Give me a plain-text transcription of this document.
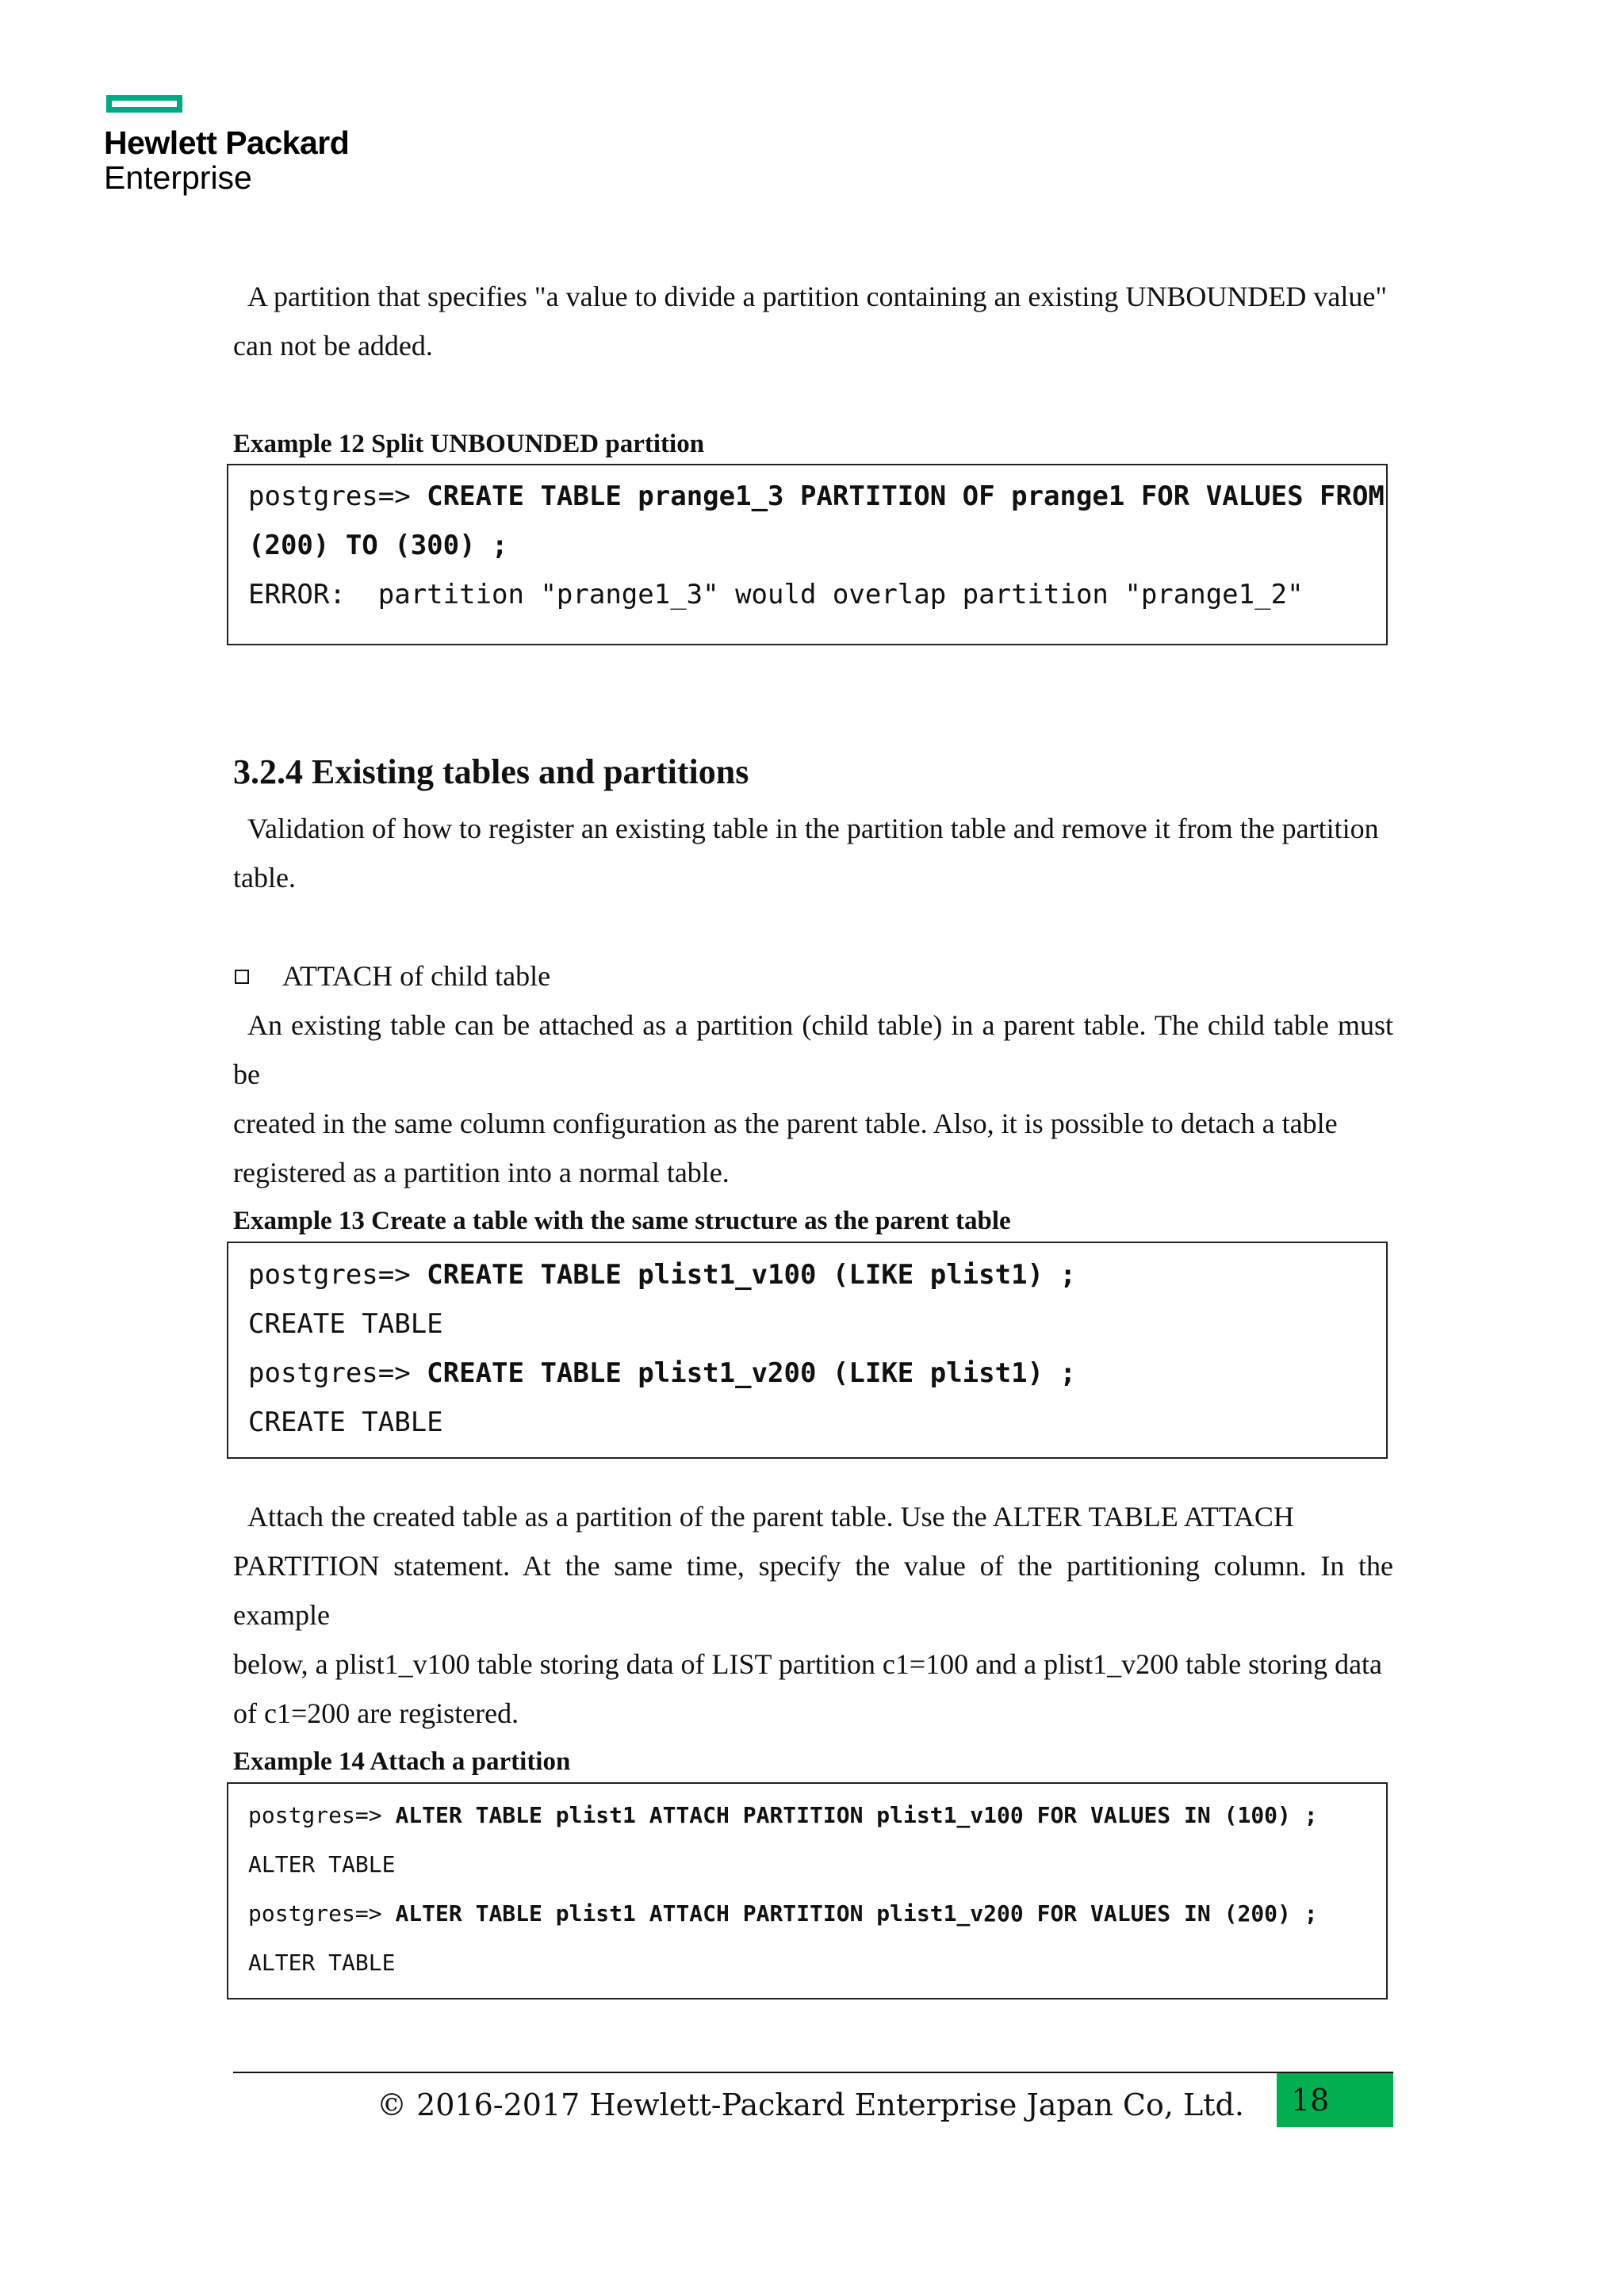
Hewlett Packard
Enterprise

A partition that specifies "a value to divide a partition containing an existing UNBOUNDED value"

can not be added.

Example 12 Split UNBOUNDED partition

postgres=> CREATE TABLE prange1_3 PARTITION OF prange1 FOR VALUES FROM
(200) TO (300) ;
ERROR:  partition "prange1_3" would overlap partition "prange1_2"
3.2.4 Existing tables and partitions

Validation of how to register an existing table in the partition table and remove it from the partition

table.

ATTACH of child table

An existing table can be attached as a partition (child table) in a parent table. The child table must be

created in the same column configuration as the parent table. Also, it is possible to detach a table

registered as a partition into a normal table.

Example 13 Create a table with the same structure as the parent table

postgres=> CREATE TABLE plist1_v100 (LIKE plist1) ;
CREATE TABLE
postgres=> CREATE TABLE plist1_v200 (LIKE plist1) ;
CREATE TABLE

Attach the created table as a partition of the parent table. Use the ALTER TABLE ATTACH

PARTITION statement. At the same time, specify the value of the partitioning column. In the example

below, a plist1_v100 table storing data of LIST partition c1=100 and a plist1_v200 table storing data

of c1=200 are registered.

Example 14 Attach a partition

postgres=> ALTER TABLE plist1 ATTACH PARTITION plist1_v100 FOR VALUES IN (100) ;
ALTER TABLE
postgres=> ALTER TABLE plist1 ATTACH PARTITION plist1_v200 FOR VALUES IN (200) ;
ALTER TABLE
© 2016-2017 Hewlett-Packard Enterprise Japan Co, Ltd.	18
